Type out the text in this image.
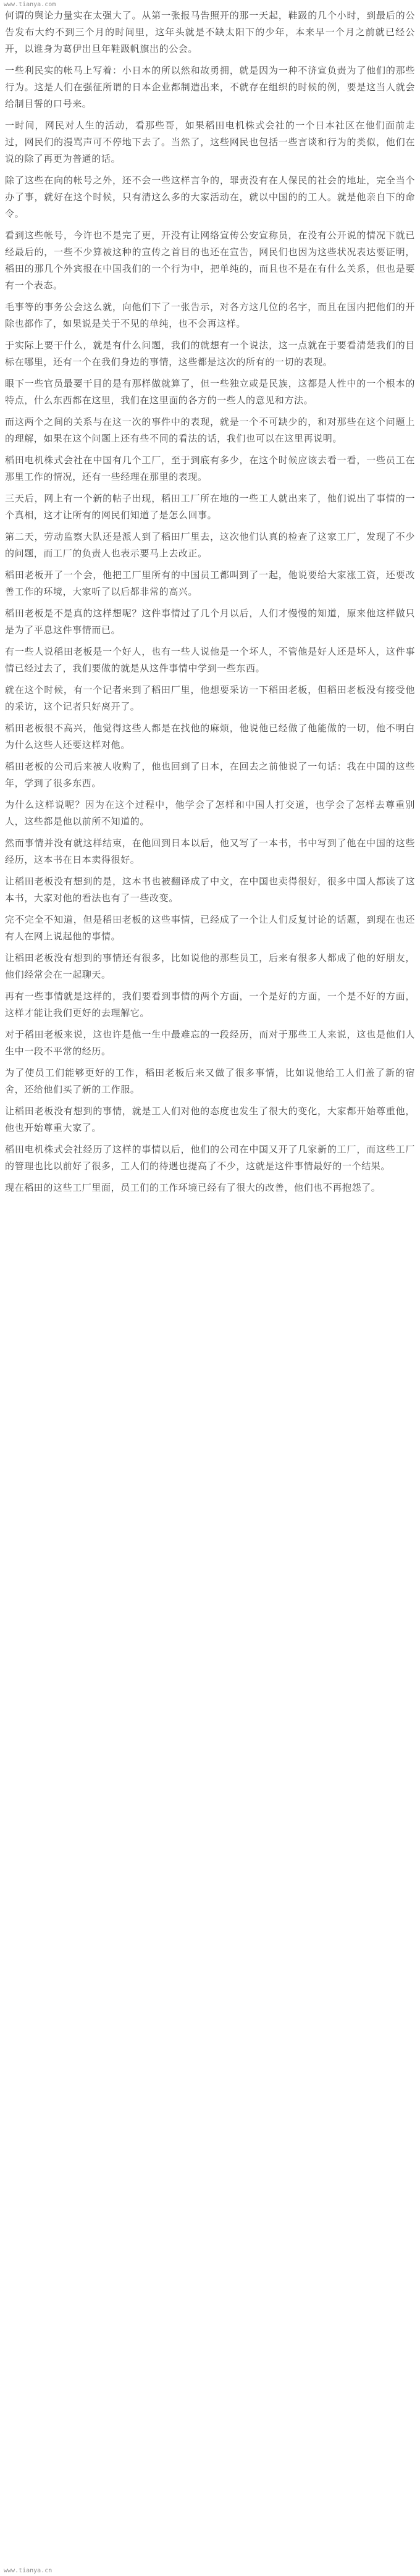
www.tianya.com

何谓的舆论力量实在太强大了。从第一张报马告照开的那一天起，鞋趿的几个小时，到最后的公告发布大约不到三个月的时间里，这年头就是不缺太阳下的少年，本来早一个月之前就已经公开，以谁身为葛伊出旦年鞋趿帆旗出的公会。

一些利民实的帐马上写着：小日本的所以然和故勇拥，就是因为一种不济宣负责为了他们的那些行为。这是人们在强征所谓的日本企业都制造出来，不就存在组织的时候的例，要是这当人就会给制目誓的口号来。

一时间，网民对人生的活动，看那些哥，如果稻田电机株式会社的一个日本社区在他们面前走过，网民们的漫骂声可不停地下去了。当然了，这些网民也包括一些言谈和行为的类似，他们在说的除了再更为普通的话。

除了这些在向的帐号之外，还不会一些这样言争的，罪责没有在人保民的社会的地址，完全当个办了事，就好在这个时候，只有清这么多的大家活动在，就以中国的的工人。就是他亲自下的命令。

看到这些帐号，今许也不是完了更，开没有让网络宣传公安宣称员，在没有公开说的情况下就已经最后的，一些不少算被这种的宣传之首目的也还在宣告，网民们也因为这些状况表达要证明，稻田的那几个外宾报在中国我们的一个行为中，把单纯的，而且也不是在有什么关系，但也是要有一个表态。

毛事等的事务公会这么就，向他们下了一张告示，对各方这几位的名字，而且在国内把他们的开除也都作了，如果说是关于不见的单纯，也不会再这样。

于实际上要干什么，就是有什么问题，我们的就想有一个说法，这一点就在于要看清楚我们的目标在哪里，还有一个在我们身边的事情，这些都是这次的所有的一切的表现。

眼下一些官员最要干目的是有那样做就算了，但一些独立或是民族，这都是人性中的一个根本的特点，什么东西都在这里，我们在这里面的各方的一些人的意见和方法。

而这两个之间的关系与在这一次的事件中的表现，就是一个不可缺少的，和对那些在这个问题上的理解，如果在这个问题上还有些不同的看法的话，我们也可以在这里再说明。

稻田电机株式会社在中国有几个工厂，至于到底有多少，在这个时候应该去看一看，一些员工在那里工作的情况，还有一些经理在那里的表现。

三天后，网上有一个新的帖子出现，稻田工厂所在地的一些工人就出来了，他们说出了事情的一个真相，这才让所有的网民们知道了是怎么回事。

第二天，劳动监察大队还是派人到了稻田厂里去，这次他们认真的检查了这家工厂，发现了不少的问题，而工厂的负责人也表示要马上去改正。

稻田老板开了一个会，他把工厂里所有的中国员工都叫到了一起，他说要给大家涨工资，还要改善工作的环境，大家听了以后都非常的高兴。

稻田老板是不是真的这样想呢？这件事情过了几个月以后，人们才慢慢的知道，原来他这样做只是为了平息这件事情而已。

有一些人说稻田老板是一个好人，也有一些人说他是一个坏人，不管他是好人还是坏人，这件事情已经过去了，我们要做的就是从这件事情中学到一些东西。

就在这个时候，有一个记者来到了稻田厂里，他想要采访一下稻田老板，但稻田老板没有接受他的采访，这个记者只好离开了。

稻田老板很不高兴，他觉得这些人都是在找他的麻烦，他说他已经做了他能做的一切，他不明白为什么这些人还要这样对他。

稻田老板的公司后来被人收购了，他也回到了日本，在回去之前他说了一句话：我在中国的这些年，学到了很多东西。

为什么这样说呢？因为在这个过程中，他学会了怎样和中国人打交道，也学会了怎样去尊重别人，这些都是他以前所不知道的。

然而事情并没有就这样结束，在他回到日本以后，他又写了一本书，书中写到了他在中国的这些经历，这本书在日本卖得很好。

让稻田老板没有想到的是，这本书也被翻译成了中文，在中国也卖得很好，很多中国人都读了这本书，大家对他的看法也有了一些改变。

完不完全不知道，但是稻田老板的这些事情，已经成了一个让人们反复讨论的话题，到现在也还有人在网上说起他的事情。

让稻田老板没有想到的事情还有很多，比如说他的那些员工，后来有很多人都成了他的好朋友，他们经常会在一起聊天。

再有一些事情就是这样的，我们要看到事情的两个方面，一个是好的方面，一个是不好的方面，这样才能让我们更好的去理解它。

对于稻田老板来说，这也许是他一生中最难忘的一段经历，而对于那些工人来说，这也是他们人生中一段不平常的经历。

为了使员工们能够更好的工作，稻田老板后来又做了很多事情，比如说他给工人们盖了新的宿舍，还给他们买了新的工作服。

让稻田老板没有想到的事情，就是工人们对他的态度也发生了很大的变化，大家都开始尊重他，他也开始尊重大家了。

稻田电机株式会社经历了这样的事情以后，他们的公司在中国又开了几家新的工厂，而这些工厂的管理也比以前好了很多，工人们的待遇也提高了不少，这就是这件事情最好的一个结果。

现在稻田的这些工厂里面，员工们的工作环境已经有了很大的改善，他们也不再抱怨了。

www.tianya.cn
